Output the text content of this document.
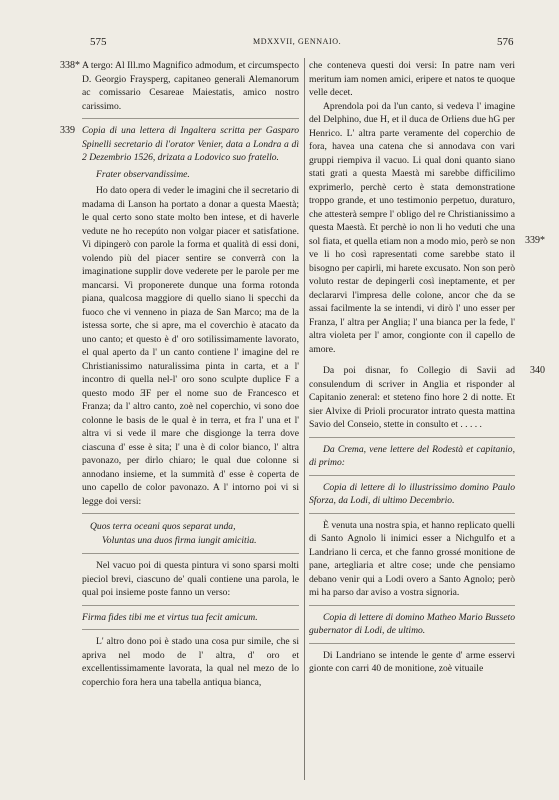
575	MDXXVII, GENNAIO.	576
338* A tergo: Al Ill.mo Magnifico admodum, et circumspecto D. Georgio Fraysperg, capitaneo generali Alemanorum ac comissario Cesareae Maiestatis, amico nostro carissimo.

339 Copia di una lettera di Ingaltera scritta per Gasparo Spinelli secretario di l'orator Venier, data a Londra a dì 2 Dezembrio 1526, drizata a Lodovico suo fratello.

Frater observandissime.

Ho dato opera di veder le imagini che il secretario di madama di Lanson ha portato a donar a questa Maestà; le qual certo sono state molto ben intese, et di haverle vedute ne ho recepúto non volgar piacer et satisfatione. Vi dipingerò con parole la forma et qualità di essi doni, volendo più del piacer sentire se converrà con la imaginatione supplir dove vederete per le parole per me mancarsi. Vi proponerete dunque una forma rotonda piana, qualcosa maggiore di quello siano li specchi da fuoco che vi venneno in piaza de San Marco; ma de la istessa sorte, che si apre, ma el coverchio è atacato da uno canto; et questo è d' oro sotilissimamente lavorato, el qual aperto da l' un canto contiene l' imagine del re Christianissimo naturalissima pinta in carta, et a l' incontro di quella nel-l' oro sono sculpte duplice F a questo modo ƎF per el nome suo de Francesco et Franza; da l' altro canto, zoè nel coperchio, vi sono doe colonne le basis de le qual è in terra, et fra l' una et l' altra vi si vede il mare che disgionge la terra dove ciascuna d' esse è sita; l' una è di color bianco, l' altra pavonazo, per dirlo chiaro; le qual due colonne si annodano insieme, et la summità d' esse è coperta de uno capello de color pavonazo. A l' intorno poi vi si legge doi versi:

Quos terra oceani quos separat unda,

Voluntas una duos firma iungit amicitia.

Nel vacuo poi di questa pintura vi sono sparsi molti pieciol brevi, ciascuno de' quali contiene una parola, le qual poi insieme poste fanno un verso:

Firma fides tibi me et virtus tua fecit amicum.

L' altro dono poi è stado una cosa pur simile, che si apriva nel modo de l' altra, d' oro et excellentissimamente lavorata, la qual nel mezo de lo coperchio fora hera una tabella antiqua bianca,

che conteneva questi doi versi: In patre nam veri meritum iam nomen amici, eripere et natos te quoque velle decet.

339*

Aprendola poi da l'un canto, si vedeva l' imagine del Delphino, due H, et il duca de Orliens due hG per Henrico. L' altra parte veramente del coperchio de fora, havea una catena che si annodava con vari gruppi riempiva il vacuo. Li qual doni quanto siano stati grati a questa Maestà mi sarebbe difficilimo exprimerlo, perchè certo è stata demonstratione troppo grande, et uno testimonio perpetuo, duraturo, che attesterà sempre l' obligo del re Christianissimo a questa Maestà. Et perchè io non li ho veduti che una sol fiata, et quella etiam non a modo mio, però se non ve li ho così rapresentati come sarebbe stato il bisogno per capirli, mi harete excusato. Non son però voluto restar de depingerli così ineptamente, et per declararvi l'impresa delle colone, ancor che da se assai facilmente la se intendi, vi dirò l' uno esser per Franza, l' altra per Anglia; l' una bianca per la fede, l' altra violeta per l' amor, congionte con il capello de amore.

340

Da poi disnar, fo Collegio di Savii ad consulendum di scriver in Anglia et risponder al Capitanio zeneral: et steteno fino hore 2 di notte. Et sier Alvixe di Prioli procurator intrato questa mattina Savio del Conseio, stette in consulto et . . . . .

Da Crema, vene lettere del Rodestà et capitanio, di primo:

Copia di lettere di lo illustrissimo domino Paulo Sforza, da Lodi, di ultimo Decembrio.

È venuta una nostra spia, et hanno replicato quelli di Santo Agnolo li inimici esser a Nichgulfo et a Landriano li cerca, et che fanno grossé monitione de pane, artegliaria et altre cose; unde che pensiamo debano venir qui a Lodi overo a Santo Agnolo; però mi ha parso dar aviso a vostra signoria.

Copia di lettere di domino Matheo Mario Busseto gubernator di Lodi, de ultimo.

Di Landriano se intende le gente d' arme esservi gionte con carri 40 de monitione, zoè vituaile
